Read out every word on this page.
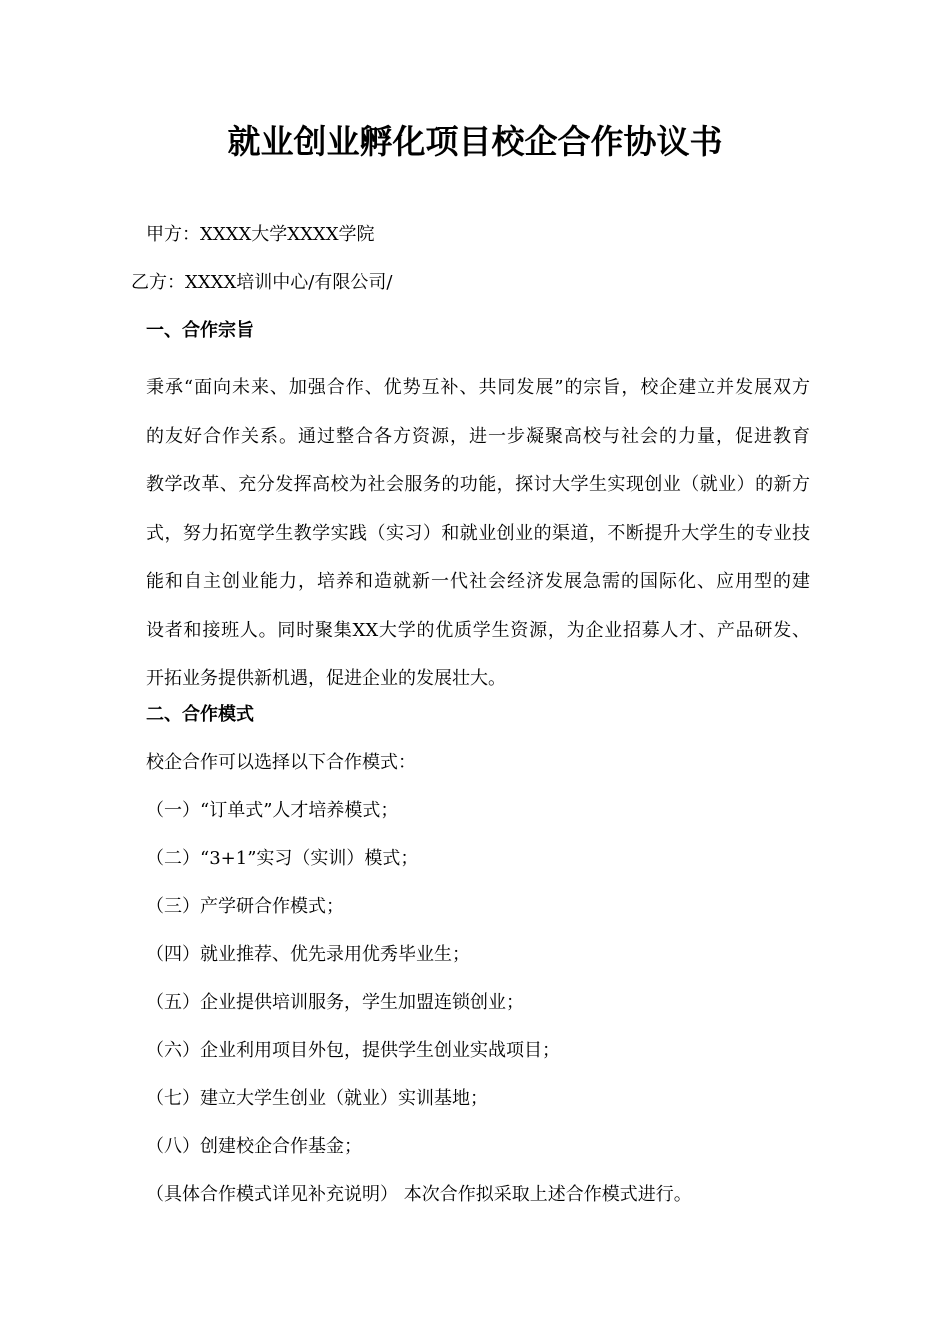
就业创业孵化项目校企合作协议书
甲方：XXXX大学XXXX学院
乙方：XXXX培训中心/有限公司/
一、合作宗旨
秉承“面向未来、加强合作、优势互补、共同发展”的宗旨，校企建立并发展双方
的友好合作关系。通过整合各方资源，进一步凝聚高校与社会的力量，促进教育
教学改革、充分发挥高校为社会服务的功能，探讨大学生实现创业（就业）的新方
式，努力拓宽学生教学实践（实习）和就业创业的渠道，不断提升大学生的专业技
能和自主创业能力，培养和造就新一代社会经济发展急需的国际化、应用型的建
设者和接班人。同时聚集XX大学的优质学生资源，为企业招募人才、产品研发、
开拓业务提供新机遇，促进企业的发展壮大。
二、合作模式
校企合作可以选择以下合作模式：
（一）“订单式”人才培养模式；
（二）“3+1”实习（实训）模式；
（三）产学研合作模式；
（四）就业推荐、优先录用优秀毕业生；
（五）企业提供培训服务，学生加盟连锁创业；
（六）企业利用项目外包，提供学生创业实战项目；
（七）建立大学生创业（就业）实训基地；
（八）创建校企合作基金；
（具体合作模式详见补充说明） 本次合作拟采取上述合作模式进行。
